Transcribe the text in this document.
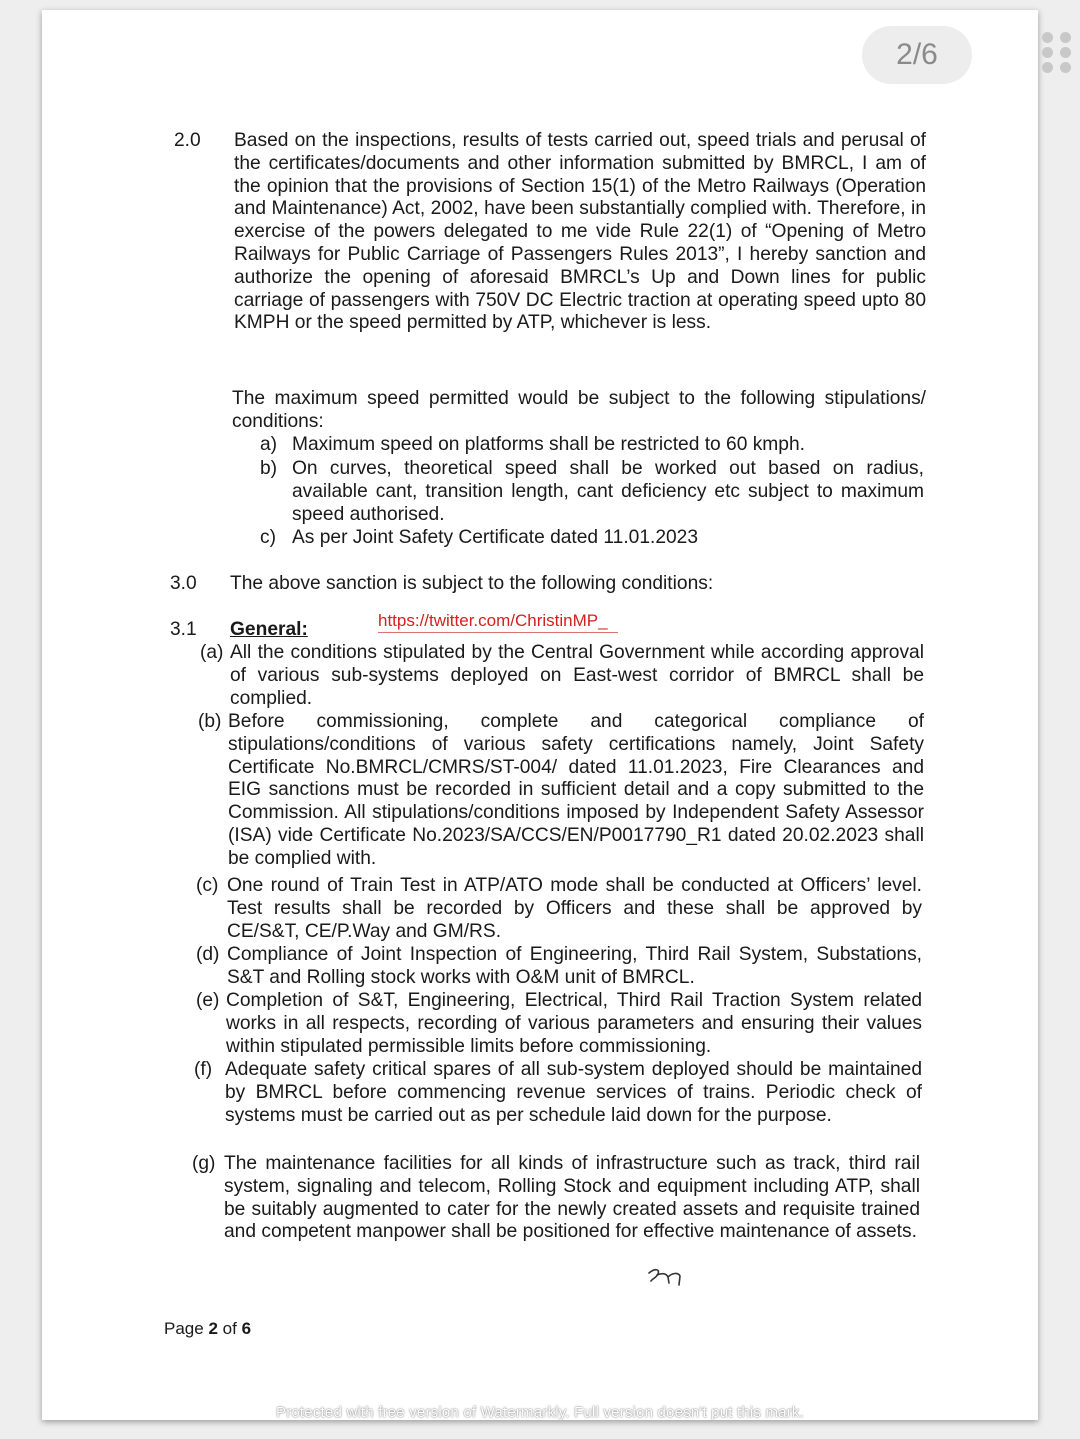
2.0 Based on the inspections, results of tests carried out, speed trials and perusal of the certificates/documents and other information submitted by BMRCL, I am of the opinion that the provisions of Section 15(1) of the Metro Railways (Operation and Maintenance) Act, 2002, have been substantially complied with. Therefore, in exercise of the powers delegated to me vide Rule 22(1) of “Opening of Metro Railways for Public Carriage of Passengers Rules 2013”, I hereby sanction and authorize the opening of aforesaid BMRCL’s Up and Down lines for public carriage of passengers with 750V DC Electric traction at operating speed upto 80 KMPH or the speed permitted by ATP, whichever is less.

The maximum speed permitted would be subject to the following stipulations/ conditions:

a) Maximum speed on platforms shall be restricted to 60 kmph.
b) On curves, theoretical speed shall be worked out based on radius, available cant, transition length, cant deficiency etc subject to maximum speed authorised.
c) As per Joint Safety Certificate dated 11.01.2023
3.0 The above sanction is subject to the following conditions:

3.1 General:	https://twitter.com/ChristinMP_
(a) All the conditions stipulated by the Central Government while according approval of various sub-systems deployed on East-west corridor of BMRCL shall be complied.
(b) Before commissioning, complete and categorical compliance of stipulations/conditions of various safety certifications namely, Joint Safety Certificate No.BMRCL/CMRS/ST-004/ dated 11.01.2023, Fire Clearances and EIG sanctions must be recorded in sufficient detail and a copy submitted to the Commission. All stipulations/conditions imposed by Independent Safety Assessor (ISA) vide Certificate No.2023/SA/CCS/EN/P0017790_R1 dated 20.02.2023 shall be complied with.
(c) One round of Train Test in ATP/ATO mode shall be conducted at Officers’ level. Test results shall be recorded by Officers and these shall be approved by CE/S&T, CE/P.Way and GM/RS.
(d) Compliance of Joint Inspection of Engineering, Third Rail System, Substations, S&T and Rolling stock works with O&M unit of BMRCL.
(e) Completion of S&T, Engineering, Electrical, Third Rail Traction System related works in all respects, recording of various parameters and ensuring their values within stipulated permissible limits before commissioning.
(f) Adequate safety critical spares of all sub-system deployed should be maintained by BMRCL before commencing revenue services of trains. Periodic check of systems must be carried out as per schedule laid down for the purpose.
(g) The maintenance facilities for all kinds of infrastructure such as track, third rail system, signaling and telecom, Rolling Stock and equipment including ATP, shall be suitably augmented to cater for the newly created assets and requisite trained and competent manpower shall be positioned for effective maintenance of assets.
Page 2 of 6
Protected with free version of Watermarkly. Full version doesn't put this mark.
2/6
